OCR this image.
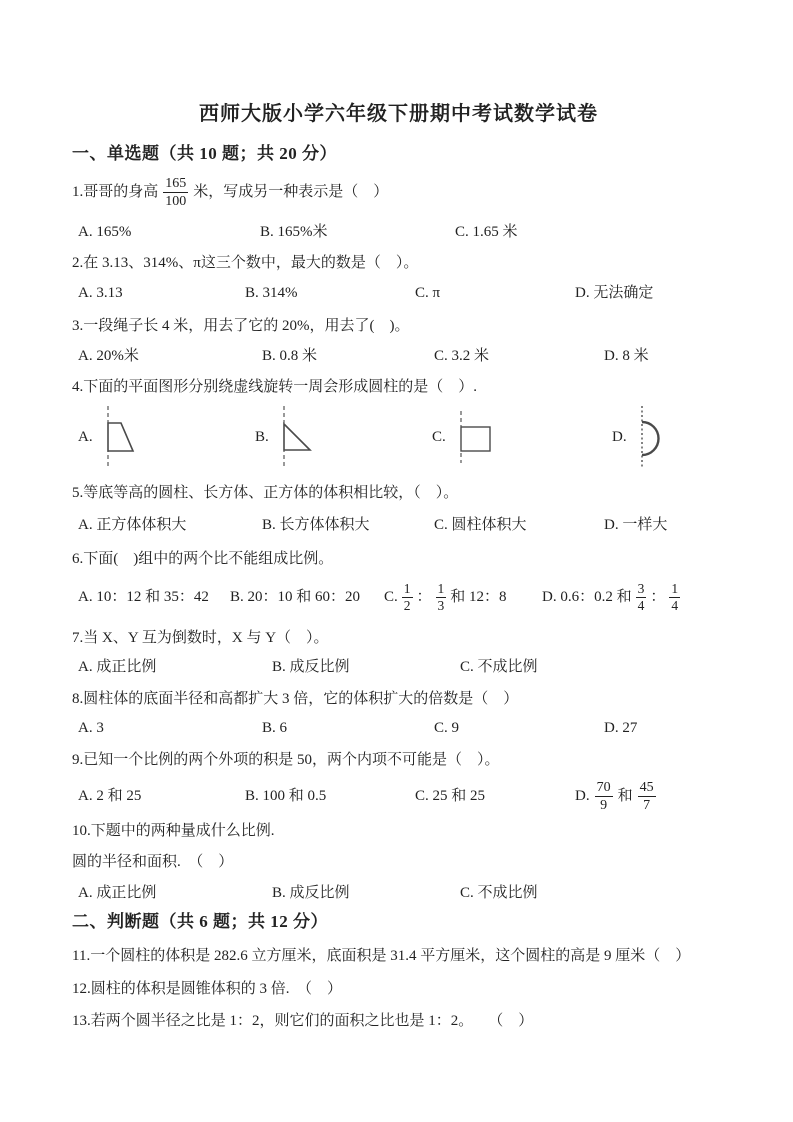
西师大版小学六年级下册期中考试数学试卷
一、单选题（共 10 题；共 20 分）
1.哥哥的身高 $\frac{165}{100}$ 米，写成另一种表示是（　）
A. 165%	B. 165%米	C. 1.65 米
2.在 3.13、314%、π这三个数中，最大的数是（　）。
A. 3.13	B. 314%	C. π	D. 无法确定
3.一段绳子长 4 米，用去了它的 20%，用去了(　)。
A. 20%米	B. 0.8 米	C. 3.2 米	D. 8 米
4.下面的平面图形分别绕虚线旋转一周会形成圆柱的是（　）.
A.	B.	C.	D.
5.等底等高的圆柱、长方体、正方体的体积相比较，（　）。
A. 正方体体积大	B. 长方体体积大	C. 圆柱体积大	D. 一样大
6.下面(　)组中的两个比不能组成比例。
A. 10：12 和 35：42	B. 20：10 和 60：20	C. $\frac{1}{2}$ ： $\frac{1}{3}$ 和 12：8 D. 0.6：0.2 和 $\frac{3}{4}$ ： $\frac{1}{4}$
7.当 X、Y 互为倒数时，X 与 Y（　）。
A. 成正比例	B. 成反比例	C. 不成比例
8.圆柱体的底面半径和高都扩大 3 倍，它的体积扩大的倍数是（　）
A. 3	B. 6	C. 9	D. 27
9.已知一个比例的两个外项的积是 50，两个内项不可能是（　）。
A. 2 和 25	B. 100 和 0.5	C. 25 和 25	D. $\frac{70}{9}$ 和 $\frac{45}{7}$
10.下题中的两种量成什么比例.
圆的半径和面积.　（　）
A. 成正比例	B. 成反比例	C. 不成比例
二、判断题（共 6 题；共 12 分）
11.一个圆柱的体积是 282.6 立方厘米，底面积是 31.4 平方厘米，这个圆柱的高是 9 厘米（　）
12.圆柱的体积是圆锥体积的 3 倍.　（　）
13.若两个圆半径之比是 1：2，则它们的面积之比也是 1：2。　　（　）
